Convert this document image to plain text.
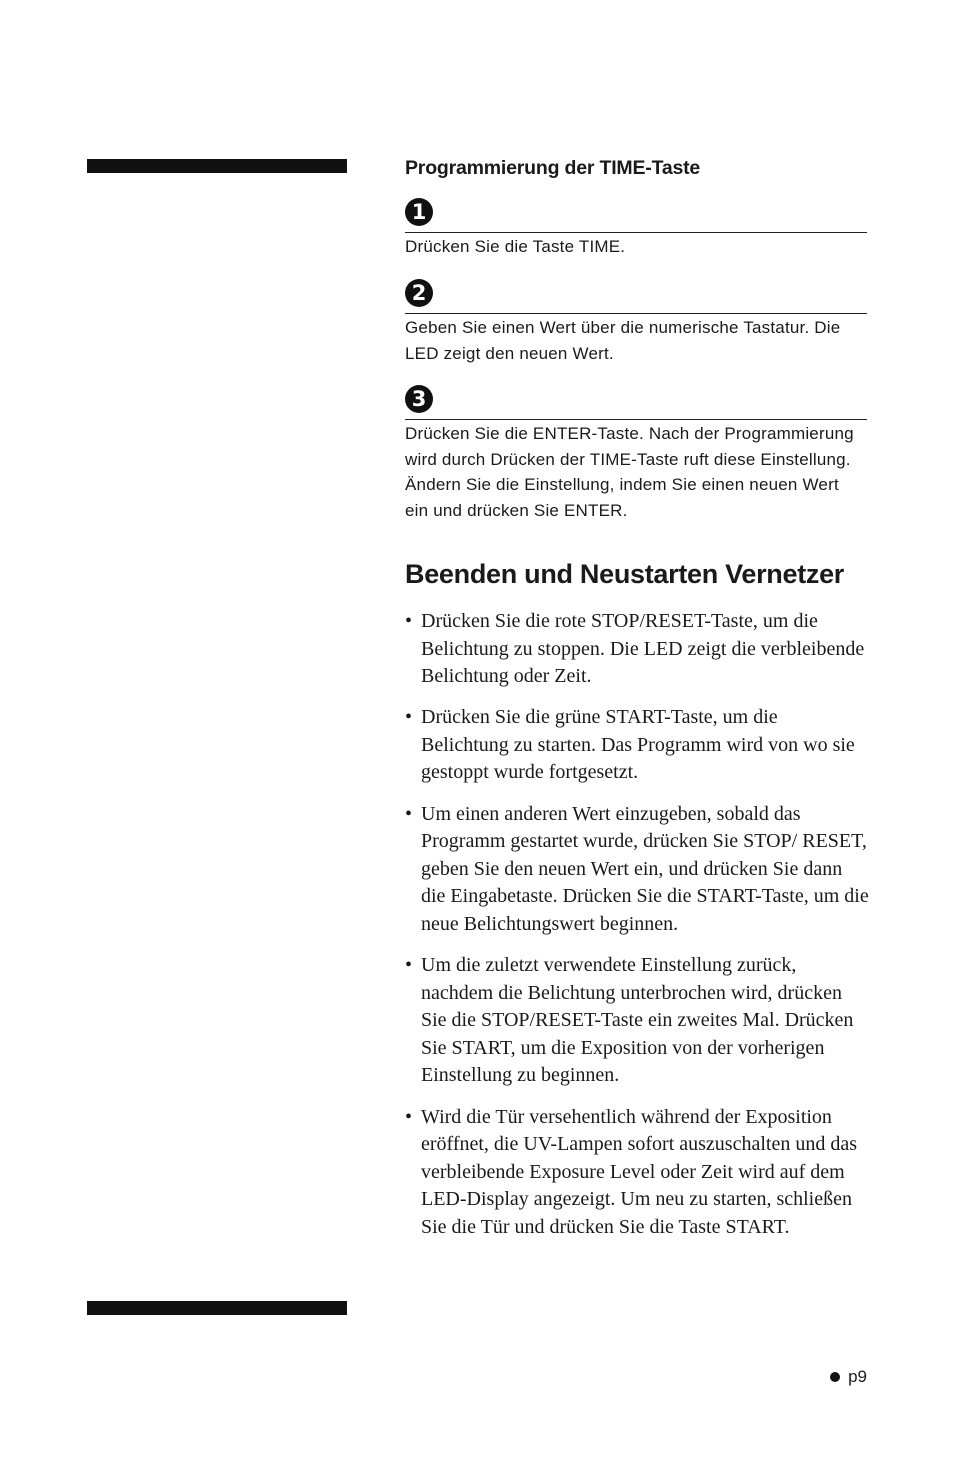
Programmierung der TIME-Taste
1
Drücken Sie die Taste TIME.
2
Geben Sie einen Wert über die numerische Tastatur. Die LED zeigt den neuen Wert.
3
Drücken Sie die ENTER-Taste. Nach der Programmierung wird durch Drücken der TIME-Taste ruft diese Einstellung. Ändern Sie die Einstellung, indem Sie einen neuen Wert ein und drücken Sie ENTER.
Beenden und Neustarten Vernetzer
• Drücken Sie die rote STOP/RESET-Taste, um die Belichtung zu stoppen. Die LED zeigt die verbleibende Belichtung oder Zeit.
• Drücken Sie die grüne START-Taste, um die Belichtung zu starten. Das Programm wird von wo sie gestoppt wurde fortgesetzt.
• Um einen anderen Wert einzugeben, sobald das Programm gestartet wurde, drücken Sie STOP/ RESET, geben Sie den neuen Wert ein, und drücken Sie dann die Eingabetaste. Drücken Sie die START-Taste, um die neue Belichtungswert beginnen.
• Um die zuletzt verwendete Einstellung zurück, nachdem die Belichtung unterbrochen wird, drücken Sie die STOP/RESET-Taste ein zweites Mal. Drücken Sie START, um die Exposition von der vorherigen Einstellung zu beginnen.
• Wird die Tür versehentlich während der Exposition eröffnet, die UV-Lampen sofort auszuschalten und das verbleibende Exposure Level oder Zeit wird auf dem LED-Display angezeigt. Um neu zu starten, schließen Sie die Tür und drücken Sie die Taste START.
p9
